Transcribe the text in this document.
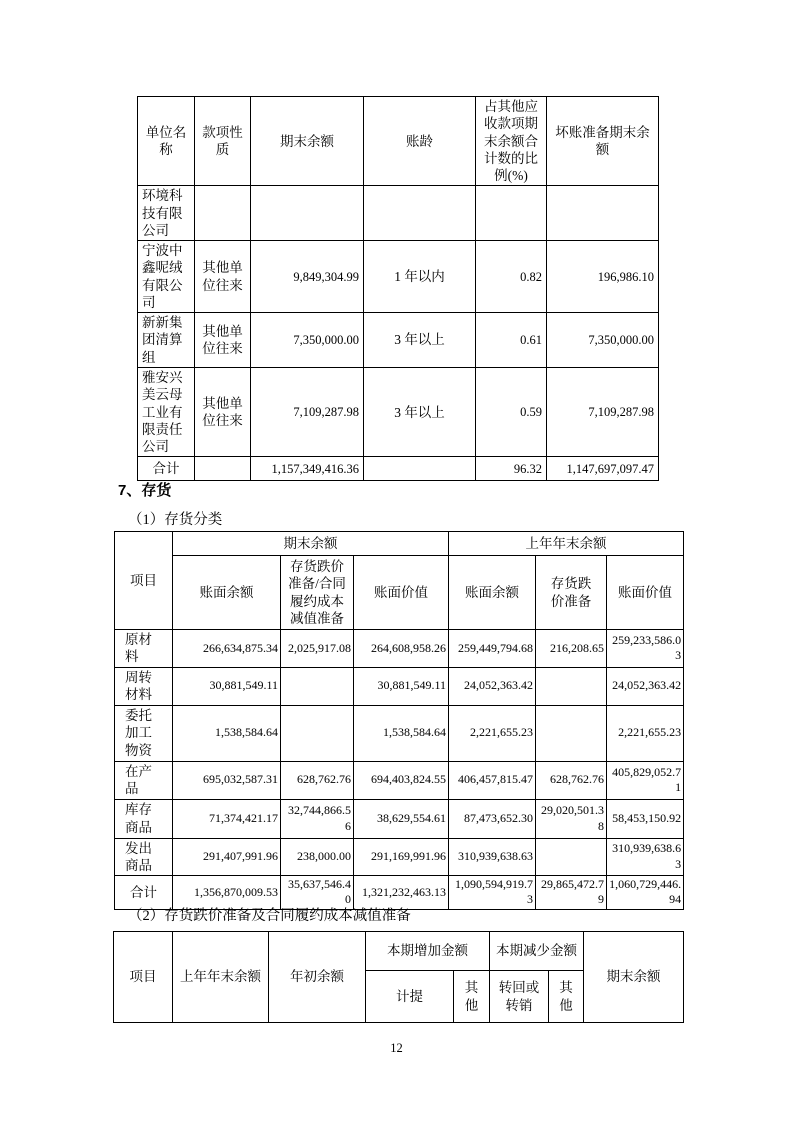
单位名称	款项性质	期末余额	账龄	占其他应收款项期末余额合计数的比例(%)	坏账准备期末余额
环境科技有限公司					
宁波中鑫呢绒有限公司	其他单位往来	9,849,304.99	1 年以内	0.82	196,986.10
新新集团清算组	其他单位往来	7,350,000.00	3 年以上	0.61	7,350,000.00
雅安兴美云母工业有限责任公司	其他单位往来	7,109,287.98	3 年以上	0.59	7,109,287.98
合计		1,157,349,416.36		96.32	1,147,697,097.47
7、存货
（1）存货分类
项目	期末余额			上年年末余额		
	账面余额	存货跌价准备/合同履约成本减值准备	账面价值	账面余额	存货跌价准备	账面价值
原材料	266,634,875.34	2,025,917.08	264,608,958.26	259,449,794.68	216,208.65	259,233,586.03
周转材料	30,881,549.11		30,881,549.11	24,052,363.42		24,052,363.42
委托加工物资	1,538,584.64		1,538,584.64	2,221,655.23		2,221,655.23
在产品	695,032,587.31	628,762.76	694,403,824.55	406,457,815.47	628,762.76	405,829,052.71
库存商品	71,374,421.17	32,744,866.56	38,629,554.61	87,473,652.30	29,020,501.38	58,453,150.92
发出商品	291,407,991.96	238,000.00	291,169,991.96	310,939,638.63		310,939,638.63
合计	1,356,870,009.53	35,637,546.40	1,321,232,463.13	1,090,594,919.73	29,865,472.79	1,060,729,446.94
（2）存货跌价准备及合同履约成本减值准备
项目	上年年末余额	年初余额	本期增加金额		本期减少金额		期末余额
			计提	其他	转回或转销	其他	
12
